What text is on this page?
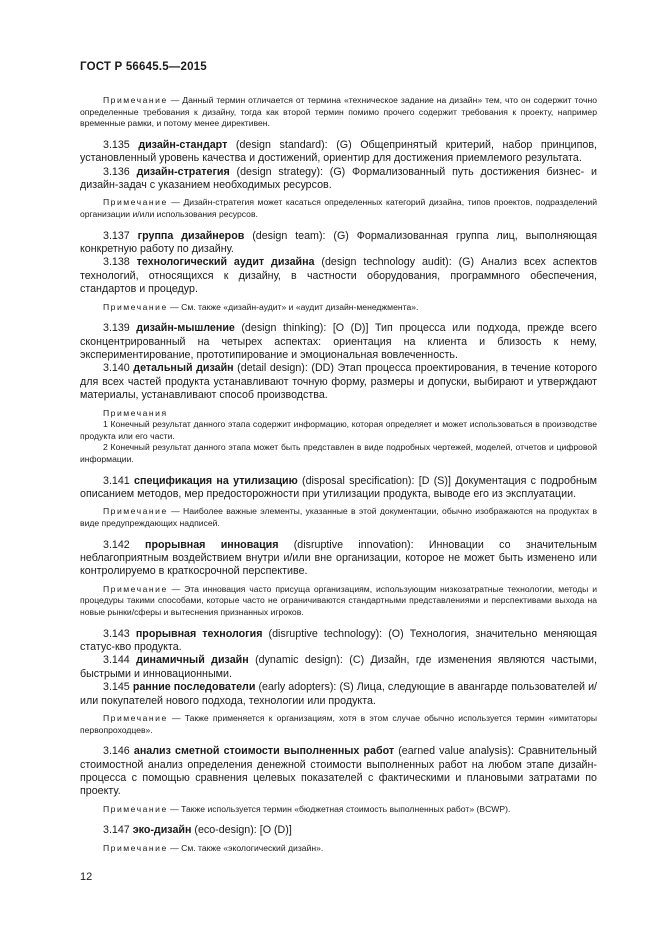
ГОСТ Р 56645.5—2015

Примечание — Данный термин отличается от термина «техническое задание на дизайн» тем, что он содержит точно определенные требования к дизайну, тогда как второй термин помимо прочего содержит требования к проекту, например временные рамки, и потому менее директивен.

3.135 дизайн-стандарт (design standard): (G) Общепринятый критерий, набор принципов, установленный уровень качества и достижений, ориентир для достижения приемлемого результата.

3.136 дизайн-стратегия (design strategy): (G) Формализованный путь достижения бизнес- и дизайн-задач с указанием необходимых ресурсов.

Примечание — Дизайн-стратегия может касаться определенных категорий дизайна, типов проектов, подразделений организации и/или использования ресурсов.

3.137 группа дизайнеров (design team): (G) Формализованная группа лиц, выполняющая конкретную работу по дизайну.

3.138 технологический аудит дизайна (design technology audit): (G) Анализ всех аспектов технологий, относящихся к дизайну, в частности оборудования, программного обеспечения, стандартов и процедур.

Примечание — См. также «дизайн-аудит» и «аудит дизайн-менеджмента».

3.139 дизайн-мышление (design thinking): [O (D)] Тип процесса или подхода, прежде всего сконцентрированный на четырех аспектах: ориентация на клиента и близость к нему, экспериментирование, прототипирование и эмоциональная вовлеченность.

3.140 детальный дизайн (detail design): (DD) Этап процесса проектирования, в течение которого для всех частей продукта устанавливают точную форму, размеры и допуски, выбирают и утверждают материалы, устанавливают способ производства.

Примечания
1 Конечный результат данного этапа содержит информацию, которая определяет и может использоваться в производстве продукта или его части.
2 Конечный результат данного этапа может быть представлен в виде подробных чертежей, моделей, отчетов и цифровой информации.

3.141 спецификация на утилизацию (disposal specification): [D (S)] Документация с подробным описанием методов, мер предосторожности при утилизации продукта, выводе его из эксплуатации.

Примечание — Наиболее важные элементы, указанные в этой документации, обычно изображаются на продуктах в виде предупреждающих надписей.

3.142 прорывная инновация (disruptive innovation): Инновации со значительным неблагоприятным воздействием внутри и/или вне организации, которое не может быть изменено или контролируемо в краткосрочной перспективе.

Примечание — Эта инновация часто присуща организациям, использующим низкозатратные технологии, методы и процедуры такими способами, которые часто не ограничиваются стандартными представлениями и перспективами выхода на новые рынки/сферы и вытеснения признанных игроков.

3.143 прорывная технология (disruptive technology): (O) Технология, значительно меняющая статус-кво продукта.

3.144 динамичный дизайн (dynamic design): (C) Дизайн, где изменения являются частыми, быстрыми и инновационными.

3.145 ранние последователи (early adopters): (S) Лица, следующие в авангарде пользователей и/или покупателей нового подхода, технологии или продукта.

Примечание — Также применяется к организациям, хотя в этом случае обычно используется термин «имитаторы первопроходцев».

3.146 анализ сметной стоимости выполненных работ (earned value analysis): Сравнительный стоимостной анализ определения денежной стоимости выполненных работ на любом этапе дизайн-процесса с помощью сравнения целевых показателей с фактическими и плановыми затратами по проекту.

Примечание — Также используется термин «бюджетная стоимость выполненных работ» (BCWP).

3.147 эко-дизайн (eco-design): [O (D)]

Примечание — См. также «экологический дизайн».

12
